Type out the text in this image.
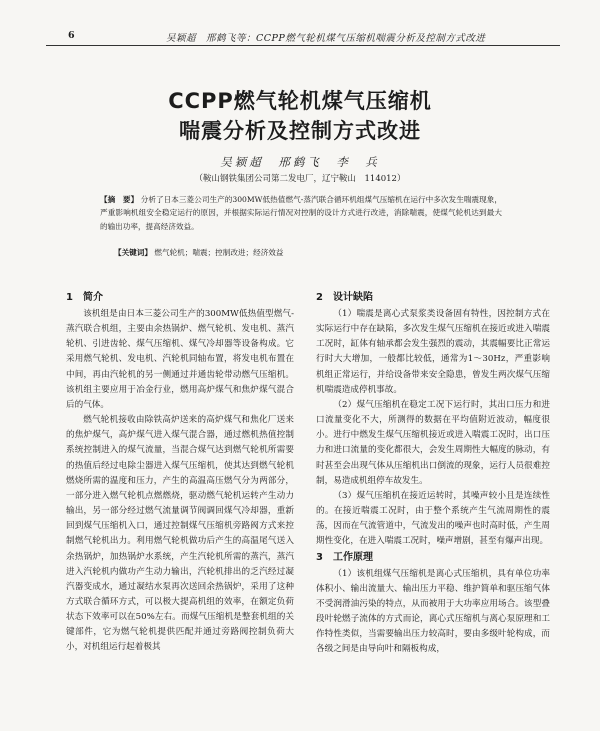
6	吴颖超　邢鹤飞等：CCPP燃气轮机煤气压缩机喘震分析及控制方式改进
CCPP燃气轮机煤气压缩机
喘震分析及控制方式改进
吴颖超　邢鹤飞　李　兵
（鞍山钢铁集团公司第二发电厂，辽宁鞍山　114012）
【摘　要】 分析了日本三菱公司生产的300MW低热值燃气-蒸汽联合循环机组煤气压缩机在运行中多次发生喘震现象，严重影响机组安全稳定运行的原因，并根据实际运行情况对控制的设计方式进行改进，消除喘震，使煤气轮机达到最大的输出功率，提高经济效益。
【关键词】 燃气轮机；喘震；控制改进；经济效益
1　简介

该机组是由日本三菱公司生产的300MW低热值型燃气-蒸汽联合机组，主要由余热锅炉、燃气轮机、发电机、蒸汽轮机、引进齿轮、煤气压缩机、煤气冷却器等设备构成。它采用燃气轮机、发电机、汽轮机同轴布置，将发电机布置在中间，再由汽轮机的另一侧通过并通齿轮带动燃气压缩机。该机组主要应用于冶金行业，燃用高炉煤气和焦炉煤气混合后的气体。

燃气轮机接收由除铁高炉送来的高炉煤气和焦化厂送来的焦炉煤气，高炉煤气进入煤气混合器，通过燃机热值控制系统控制进入的煤气流量，当混合煤气达到燃气轮机所需要的热值后经过电除尘器进入煤气压缩机，使其达到燃气轮机燃烧所需的温度和压力，产生的高温高压燃气分为两部分，一部分进入燃气轮机点燃燃烧，驱动燃气轮机运转产生动力输出，另一部分经过燃气流量调节阀调回煤气冷却器，重新回到煤气压缩机入口，通过控制煤气压缩机旁路阀方式来控制燃气轮机出力。利用燃气轮机做功后产生的高温尾气送入余热锅炉，加热锅炉水系统，产生汽轮机所需的蒸汽，蒸汽进入汽轮机内做功产生动力输出，汽轮机排出的乏汽经过凝汽器变成水，通过凝结水泵再次送回余热锅炉，采用了这种方式联合循环方式，可以极大提高机组的效率，在额定负荷状态下效率可以在50%左右。而煤气压缩机是整套机组的关键部件，它为燃气轮机提供匹配并通过旁路阀控制负荷大小，对机组运行起着极其

2　设计缺陷

（1）喘震是离心式泵浆类设备固有特性，因控制方式在实际运行中存在缺陷，多次发生煤气压缩机在接近或进入喘震工况时，缸体有轴承都会发生强烈的震动，其震幅要比正常运行时大大增加，一般都比较低，通常为1～30Hz，严重影响机组正常运行，并给设备带来安全隐患，曾发生两次煤气压缩机喘震造成停机事故。

（2）煤气压缩机在稳定工况下运行时，其出口压力和进口流量变化不大，所测得的数据在平均值附近波动，幅度很小。进行中燃发生煤气压缩机接近或进入喘震工况时，出口压力和进口流量的变化都很大，会发生周期性大幅度的脉动，有时甚至会出现气体从压缩机出口倒流的现象，运行人员很难控制，易造成机组停车故发生。

（3）煤气压缩机在接近运转时，其噪声较小且是连续性的。在接近喘震工况时，由于整个系统产生气流周期性的震荡，因而在气流管道中，气流发出的噪声也时高时低，产生周期性变化，在进入喘震工况时，噪声增剧，甚至有爆声出现。

3　工作原理

（1）该机组煤气压缩机是离心式压缩机，具有单位功率体积小、输出流量大、输出压力平稳、维护简单和驱压缩气体不受润滑油污染的特点，从而被用于大功率应用场合。该型叠段叶轮燃子流体的方式而论，离心式压缩机与离心泵原理和工作特性类似，当需要输出压力较高时，要由多级叶轮构成，而各级之间是由导向叶和隔板构成，
